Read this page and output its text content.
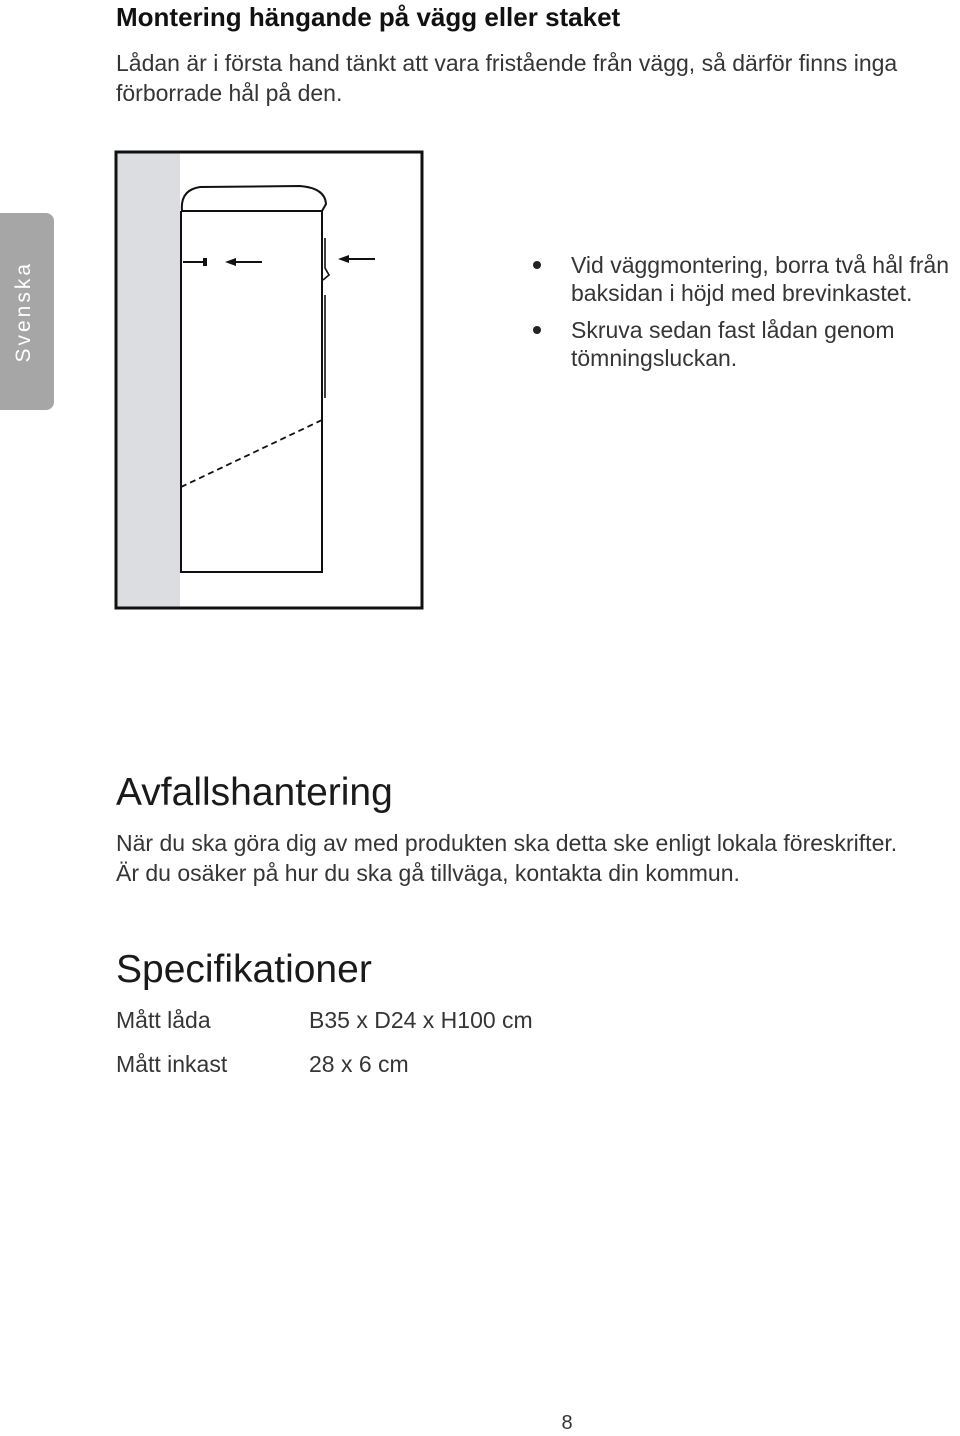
Montering hängande på vägg eller staket
Lådan är i första hand tänkt att vara fristående från vägg, så därför finns inga
förborrade hål på den.
Svenska	Vid väggmontering, borra två hål från
baksidan i höjd med brevinkastet.
Skruva sedan fast lådan genom
tömningsluckan.
Avfallshantering
När du ska göra dig av med produkten ska detta ske enligt lokala föreskrifter.
Är du osäker på hur du ska gå tillväga, kontakta din kommun.
Specifikationer
Mått låda	B35 x D24 x H100 cm
Mått inkast	28 x 6 cm
8
